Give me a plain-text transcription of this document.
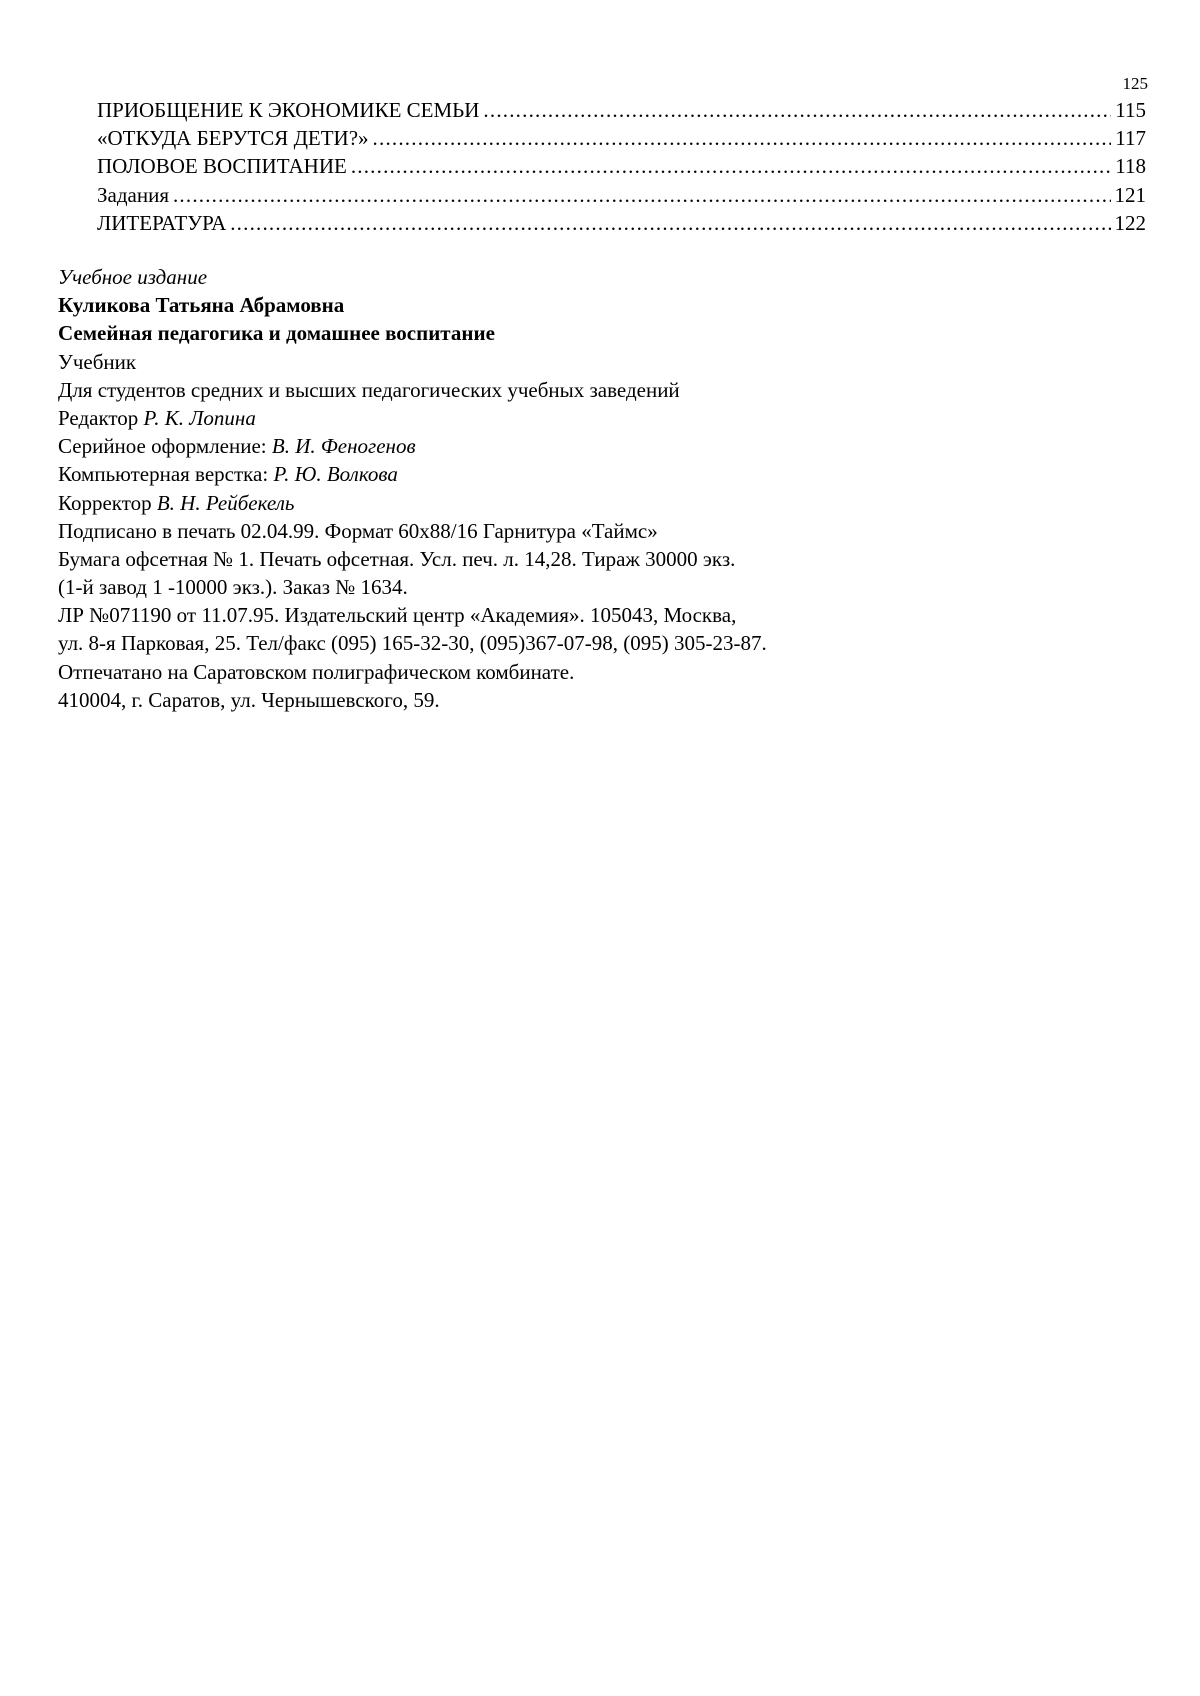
125
ПРИОБЩЕНИЕ К ЭКОНОМИКЕ СЕМЬИ .....	115
«ОТКУДА БЕРУТСЯ ДЕТИ?» .....	117
ПОЛОВОЕ ВОСПИТАНИЕ .....	118
Задания .....	121
ЛИТЕРАТУРА .....	122
Учебное издание
Куликова Татьяна Абрамовна
Семейная педагогика и домашнее воспитание
Учебник
Для студентов средних и высших педагогических учебных заведений
Редактор Р. К. Лопина
Серийное оформление: В. И. Феногенов
Компьютерная верстка: Р. Ю. Волкова
Корректор В. Н. Рейбекель
Подписано в печать 02.04.99. Формат 60х88/16 Гарнитура «Таймс»
Бумага офсетная № 1. Печать офсетная. Усл. печ. л. 14,28. Тираж 30000 экз.
(1-й завод 1 -10000 экз.). Заказ № 1634.
ЛР №071190 от 11.07.95. Издательский центр «Академия». 105043, Москва,
ул. 8-я Парковая, 25. Тел/факс (095) 165-32-30, (095)367-07-98, (095) 305-23-87.
Отпечатано на Саратовском полиграфическом комбинате.
410004, г. Саратов, ул. Чернышевского, 59.
